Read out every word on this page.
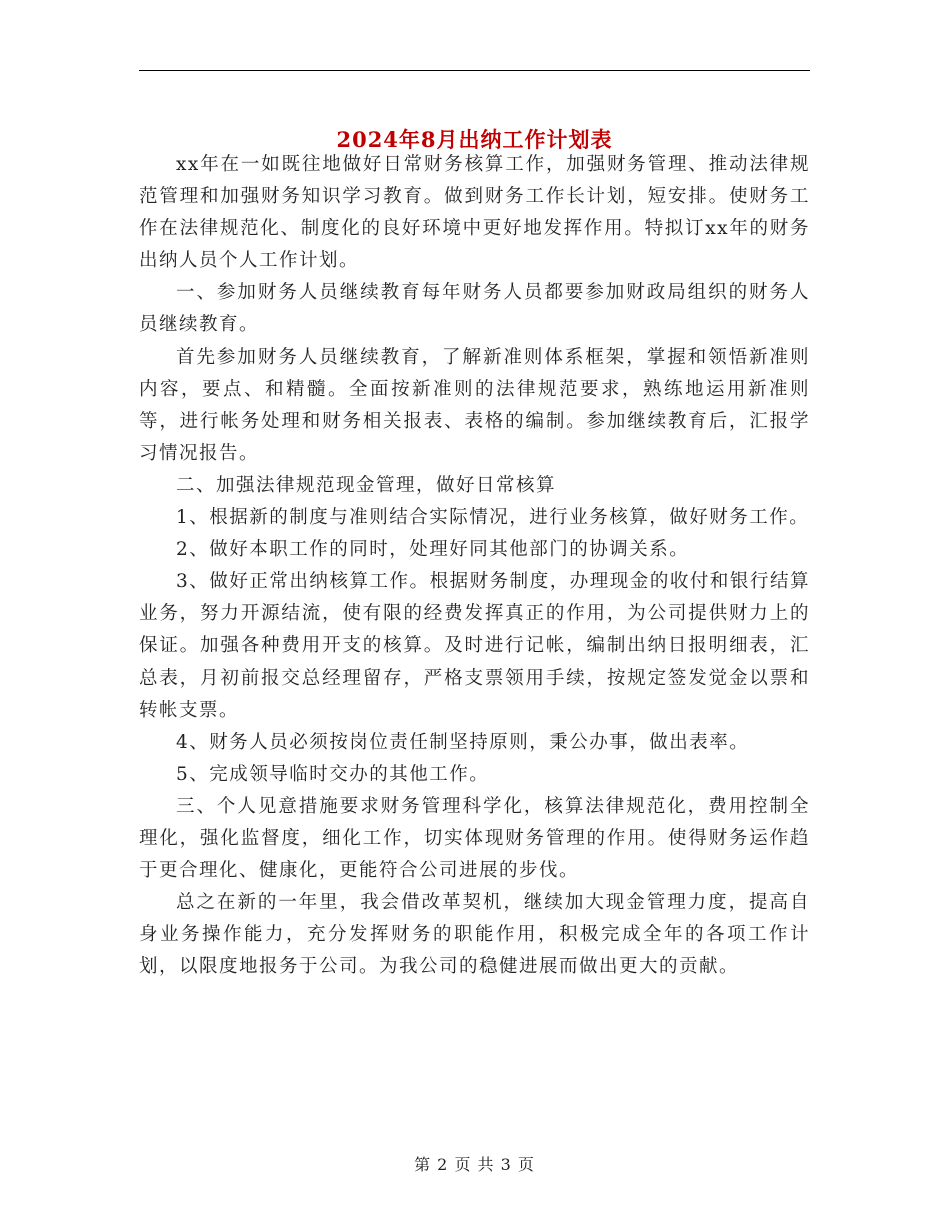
2024年8月出纳工作计划表

xx年在一如既往地做好日常财务核算工作，加强财务管理、推动法律规范管理和加强财务知识学习教育。做到财务工作长计划，短安排。使财务工作在法律规范化、制度化的良好环境中更好地发挥作用。特拟订xx年的财务出纳人员个人工作计划。

一、参加财务人员继续教育每年财务人员都要参加财政局组织的财务人员继续教育。

首先参加财务人员继续教育，了解新准则体系框架，掌握和领悟新准则内容，要点、和精髓。全面按新准则的法律规范要求，熟练地运用新准则等，进行帐务处理和财务相关报表、表格的编制。参加继续教育后，汇报学习情况报告。

二、加强法律规范现金管理，做好日常核算

1、根据新的制度与准则结合实际情况，进行业务核算，做好财务工作。

2、做好本职工作的同时，处理好同其他部门的协调关系。

3、做好正常出纳核算工作。根据财务制度，办理现金的收付和银行结算业务，努力开源结流，使有限的经费发挥真正的作用，为公司提供财力上的保证。加强各种费用开支的核算。及时进行记帐，编制出纳日报明细表，汇总表，月初前报交总经理留存，严格支票领用手续，按规定签发觉金以票和转帐支票。

4、财务人员必须按岗位责任制坚持原则，秉公办事，做出表率。

5、完成领导临时交办的其他工作。

三、个人见意措施要求财务管理科学化，核算法律规范化，费用控制全理化，强化监督度，细化工作，切实体现财务管理的作用。使得财务运作趋于更合理化、健康化，更能符合公司进展的步伐。

总之在新的一年里，我会借改革契机，继续加大现金管理力度，提高自身业务操作能力，充分发挥财务的职能作用，积极完成全年的各项工作计划，以限度地报务于公司。为我公司的稳健进展而做出更大的贡献。

第 2 页 共 3 页
